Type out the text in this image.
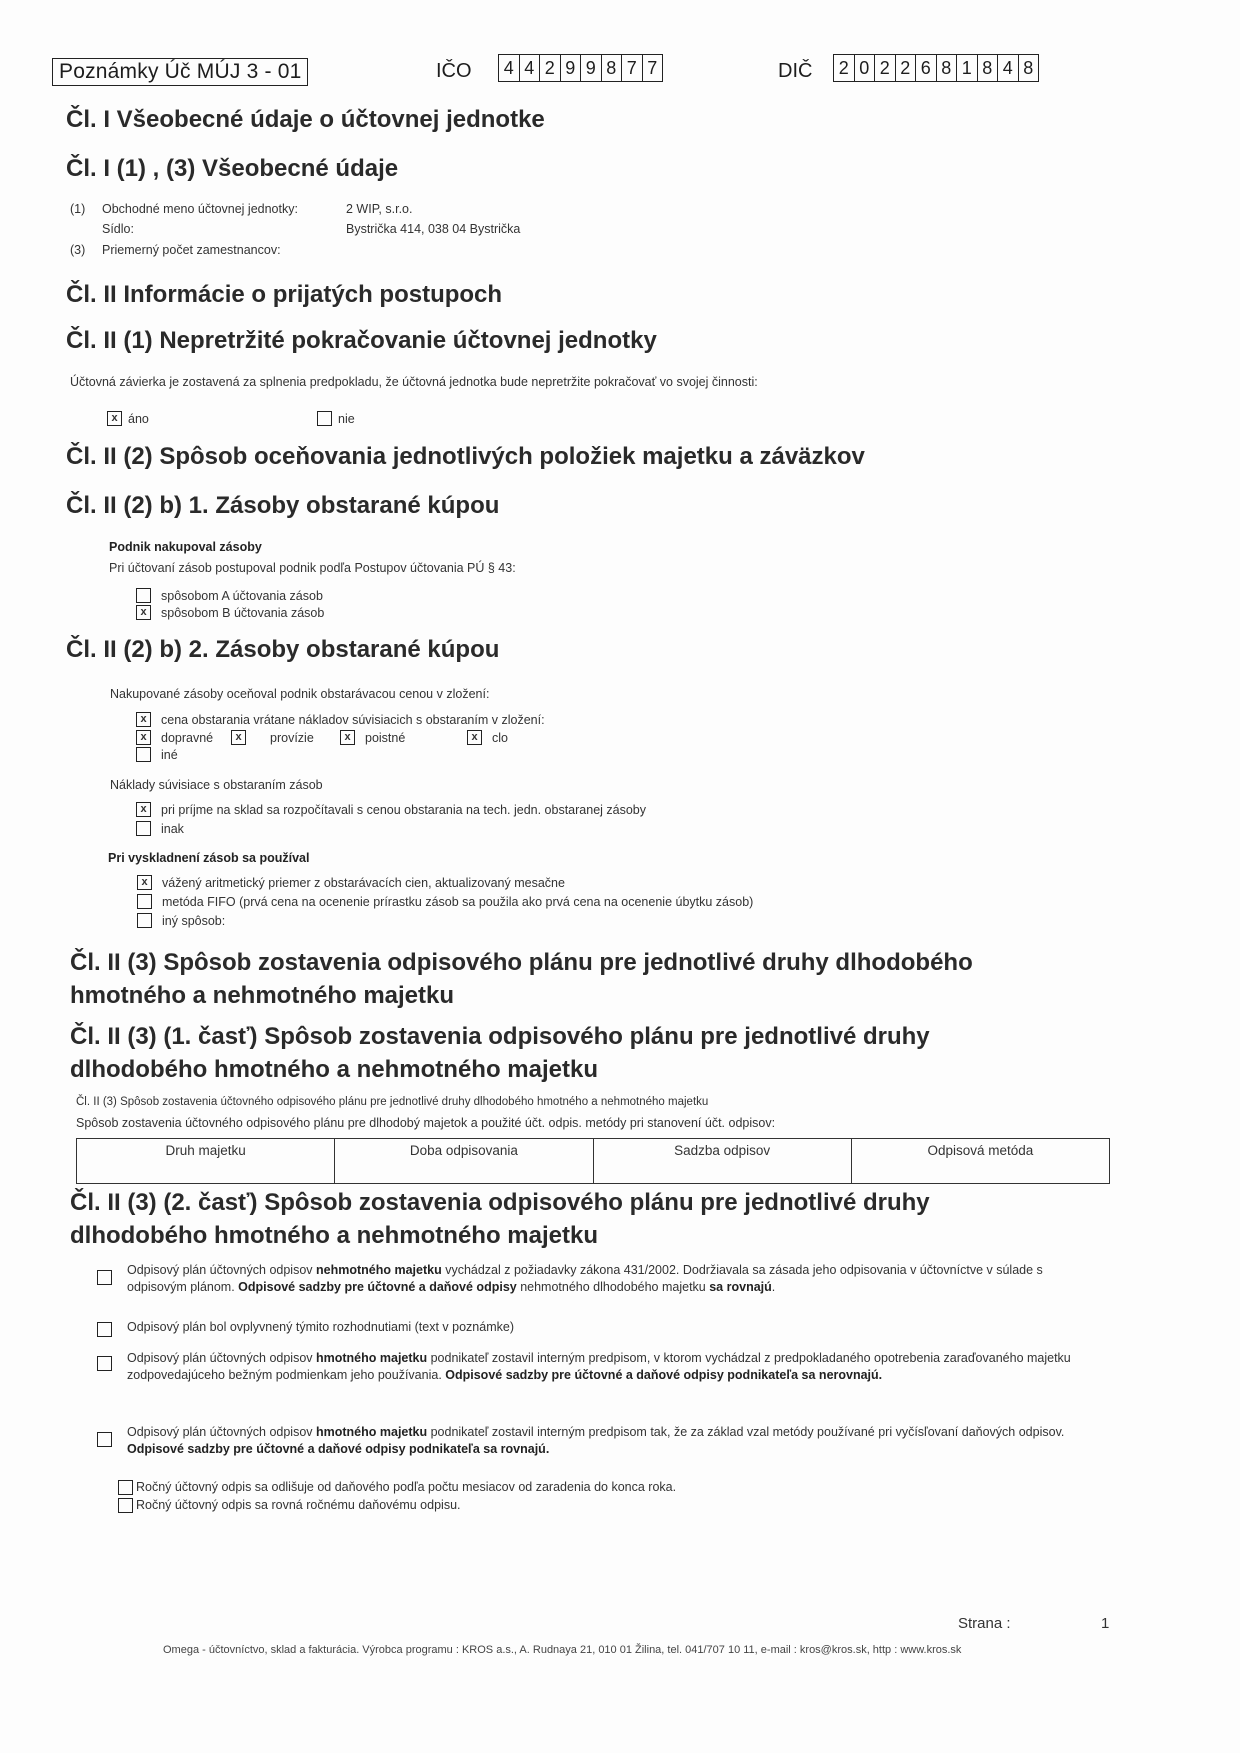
Poznámky Úč MÚJ 3 - 01	IČO 4 4 2 9 9 8 7 7	DIČ 2 0 2 2 6 8 1 8 4 8
Čl. I Všeobecné údaje o účtovnej jednotke
Čl. I (1) , (3) Všeobecné údaje
(1) Obchodné meno účtovnej jednotky:	2 WIP, s.r.o.
Sídlo:	Bystrička 414, 038 04 Bystrička
(3) Priemerný počet zamestnancov:
Čl. II Informácie o prijatých postupoch
Čl. II (1) Nepretržité pokračovanie účtovnej jednotky
Účtovná závierka je zostavená za splnenia predpokladu, že účtovná jednotka bude nepretržite pokračovať vo svojej činnosti:
x áno	nie
Čl. II (2) Spôsob oceňovania jednotlivých položiek majetku a záväzkov
Čl. II (2) b) 1. Zásoby obstarané kúpou
Podnik nakupoval zásoby
Pri účtovaní zásob postupoval podnik podľa Postupov účtovania PÚ § 43:
spôsobom A účtovania zásob
x	spôsobom B účtovania zásob
Čl. II (2) b) 2. Zásoby obstarané kúpou
Nakupované zásoby oceňoval podnik obstarávacou cenou v zložení:
x	cena obstarania vrátane nákladov súvisiacich s obstaraním v zložení:
x	dopravné	x	provízie	x	poistné	x	clo
iné
Náklady súvisiace s obstaraním zásob
x	pri príjme na sklad sa rozpočítavali s cenou obstarania na tech. jedn. obstaranej zásoby
inak
Pri vyskladnení zásob sa používal
x	vážený aritmetický priemer z obstarávacích cien, aktualizovaný mesačne
metóda FIFO (prvá cena na ocenenie prírastku zásob sa použila ako prvá cena na ocenenie úbytku zásob)
iný spôsob:
Čl. II (3) Spôsob zostavenia odpisového plánu pre jednotlivé druhy dlhodobého
hmotného a nehmotného majetku
Čl. II (3) (1. časť) Spôsob zostavenia odpisového plánu pre jednotlivé druhy
dlhodobého hmotného a nehmotného majetku
Čl. II (3) Spôsob zostavenia účtovného odpisového plánu pre jednotlivé druhy dlhodobého hmotného a nehmotného majetku
Spôsob zostavenia účtovného odpisového plánu pre dlhodobý majetok a použité účt. odpis. metódy pri stanovení účt. odpisov:
Druh majetku	Doba odpisovania	Sadzba odpisov	Odpisová metóda
Čl. II (3) (2. časť) Spôsob zostavenia odpisového plánu pre jednotlivé druhy
dlhodobého hmotného a nehmotného majetku
Odpisový plán účtovných odpisov nehmotného majetku vychádzal z požiadavky zákona 431/2002. Dodržiavala sa zásada jeho odpisovania v účtovníctve v súlade s odpisovým plánom. Odpisové sadzby pre účtovné a daňové odpisy nehmotného dlhodobého majetku sa rovnajú.
Odpisový plán bol ovplyvnený týmito rozhodnutiami (text v poznámke)
Odpisový plán účtovných odpisov hmotného majetku podnikateľ zostavil interným predpisom, v ktorom vychádzal z predpokladaného opotrebenia zaraďovaného majetku zodpovedajúceho bežným podmienkam jeho používania. Odpisové sadzby pre účtovné a daňové odpisy podnikateľa sa nerovnajú.
Odpisový plán účtovných odpisov hmotného majetku podnikateľ zostavil interným predpisom tak, že za základ vzal metódy používané pri vyčísľovaní daňových odpisov. Odpisové sadzby pre účtovné a daňové odpisy podnikateľa sa rovnajú.
Ročný účtovný odpis sa odlišuje od daňového podľa počtu mesiacov od zaradenia do konca roka.
Ročný účtovný odpis sa rovná ročnému daňovému odpisu.
Strana :	1
Omega - účtovníctvo, sklad a fakturácia. Výrobca programu : KROS a.s., A. Rudnaya 21, 010 01 Žilina, tel. 041/707 10 11, e-mail : kros@kros.sk, http : www.kros.sk
